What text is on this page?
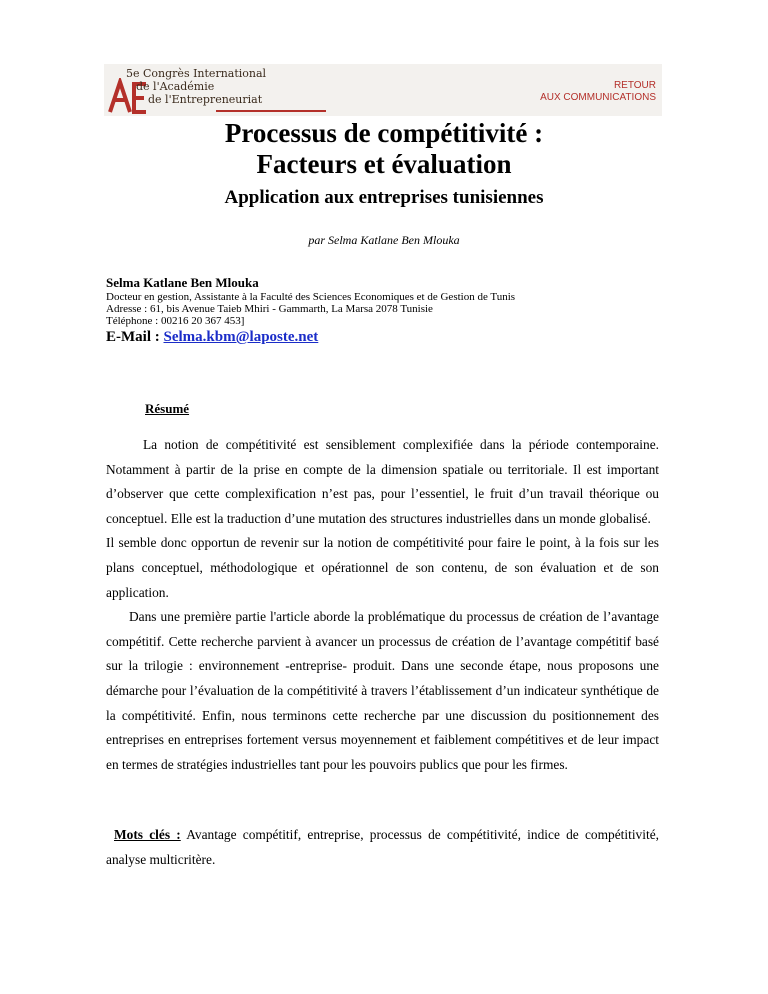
5e Congrès International
de l'Académie
de l'Entrepreneuriat
RETOUR
AUX COMMUNICATIONS
Processus de compétitivité :
Facteurs et évaluation
Application aux entreprises tunisiennes
par Selma Katlane Ben Mlouka
Selma Katlane Ben Mlouka
Docteur en gestion, Assistante à la Faculté des Sciences Economiques et de Gestion de Tunis
Adresse : 61, bis Avenue Taieb Mhiri - Gammarth, La Marsa 2078 Tunisie
Téléphone : 00216 20 367 453]
E-Mail : Selma.kbm@laposte.net
Résumé

La notion de compétitivité est sensiblement complexifiée dans la période contemporaine. Notamment à partir de la prise en compte de la dimension spatiale ou territoriale. Il est important d’observer que cette complexification n’est pas, pour l’essentiel, le fruit d’un travail théorique ou conceptuel. Elle est la traduction d’une mutation des structures industrielles dans un monde globalisé.

Il semble donc opportun de revenir sur la notion de compétitivité pour faire le point, à la fois sur les plans conceptuel, méthodologique et opérationnel de son contenu, de son évaluation et de son application.

Dans une première partie l'article aborde la problématique du processus de création de l’avantage compétitif. Cette recherche parvient à avancer un processus de création de l’avantage compétitif basé sur la trilogie : environnement -entreprise- produit. Dans une seconde étape, nous proposons une démarche pour l’évaluation de la compétitivité à travers l’établissement d’un indicateur synthétique de la compétitivité. Enfin, nous terminons cette recherche par une discussion du positionnement des entreprises en entreprises fortement versus moyennement et faiblement compétitives et de leur impact en termes de stratégies industrielles tant pour les pouvoirs publics que pour les firmes.

Mots clés : Avantage compétitif, entreprise, processus de compétitivité, indice de compétitivité, analyse multicritère.
